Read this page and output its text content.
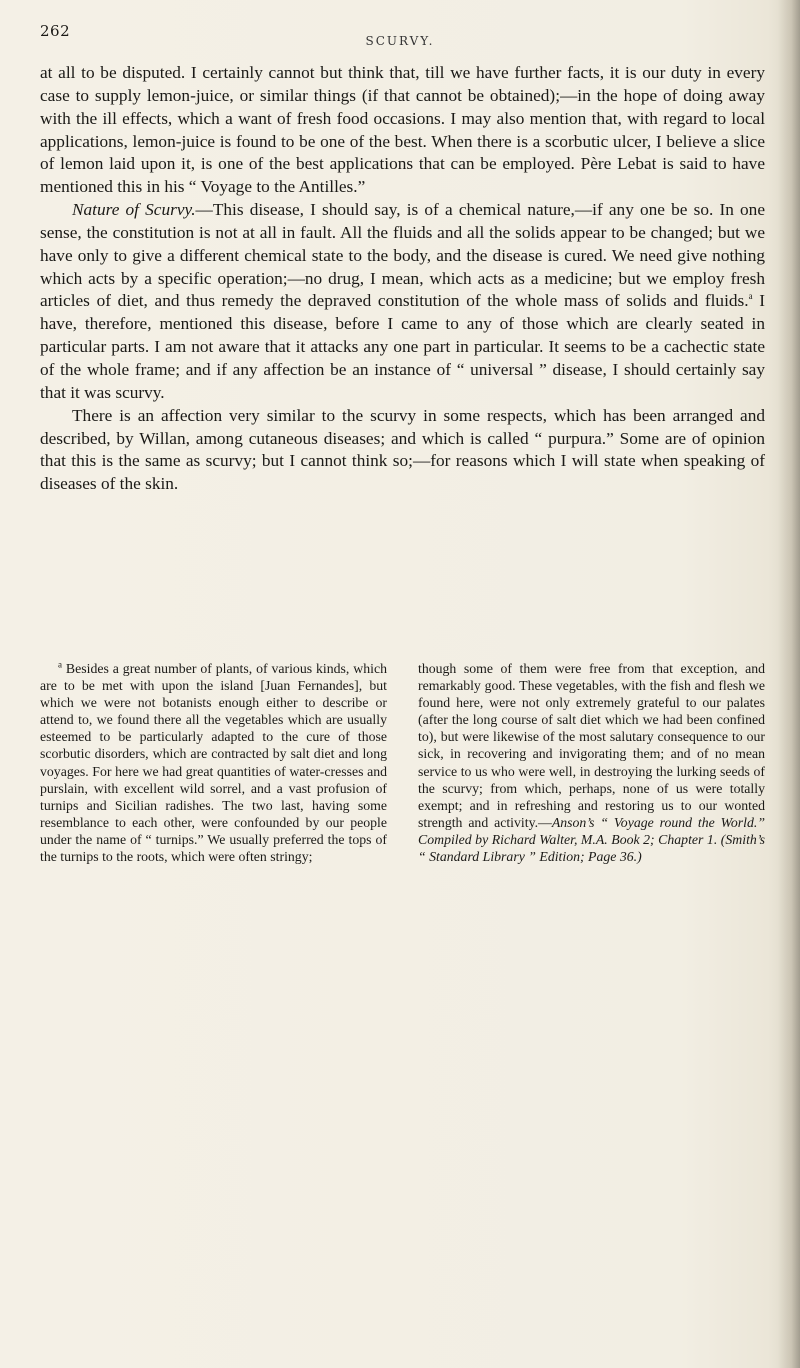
262
SCURVY.

at all to be disputed. I certainly cannot but think that, till we have further facts, it is our duty in every case to supply lemon-juice, or similar things (if that cannot be obtained);—in the hope of doing away with the ill effects, which a want of fresh food occasions. I may also mention that, with regard to local applications, lemon-juice is found to be one of the best. When there is a scorbutic ulcer, I believe a slice of lemon laid upon it, is one of the best applications that can be employed. Père Lebat is said to have mentioned this in his “ Voyage to the Antilles.”

Nature of Scurvy.—This disease, I should say, is of a chemical nature,—if any one be so. In one sense, the constitution is not at all in fault. All the fluids and all the solids appear to be changed; but we have only to give a different chemical state to the body, and the disease is cured. We need give nothing which acts by a specific operation;—no drug, I mean, which acts as a medicine; but we employ fresh articles of diet, and thus remedy the depraved constitution of the whole mass of solids and fluids.$^a$ I have, therefore, mentioned this disease, before I came to any of those which are clearly seated in particular parts. I am not aware that it attacks any one part in particular. It seems to be a cachectic state of the whole frame; and if any affection be an instance of “ universal ” disease, I should certainly say that it was scurvy.

There is an affection very similar to the scurvy in some respects, which has been arranged and described, by Willan, among cutaneous diseases; and which is called “ purpura.” Some are of opinion that this is the same as scurvy; but I cannot think so;—for reasons which I will state when speaking of diseases of the skin.

$^a$ Besides a great number of plants, of various kinds, which are to be met with upon the island [Juan Fernandes], but which we were not botanists enough either to describe or attend to, we found there all the vegetables which are usually esteemed to be particularly adapted to the cure of those scorbutic disorders, which are contracted by salt diet and long voyages. For here we had great quantities of water-cresses and purslain, with excellent wild sorrel, and a vast profusion of turnips and Sicilian radishes. The two last, having some resemblance to each other, were confounded by our people under the name of “ turnips.” We usually preferred the tops of the turnips to the roots, which were often stringy;

though some of them were free from that exception, and remarkably good. These vegetables, with the fish and flesh we found here, were not only extremely grateful to our palates (after the long course of salt diet which we had been confined to), but were likewise of the most salutary consequence to our sick, in recovering and invigorating them; and of no mean service to us who were well, in destroying the lurking seeds of the scurvy; from which, perhaps, none of us were totally exempt; and in refreshing and restoring us to our wonted strength and activity.—Anson’s “ Voyage round the World.” Compiled by Richard Walter, M.A. Book 2; Chapter 1. (Smith’s “ Standard Library ” Edition; Page 36.)
